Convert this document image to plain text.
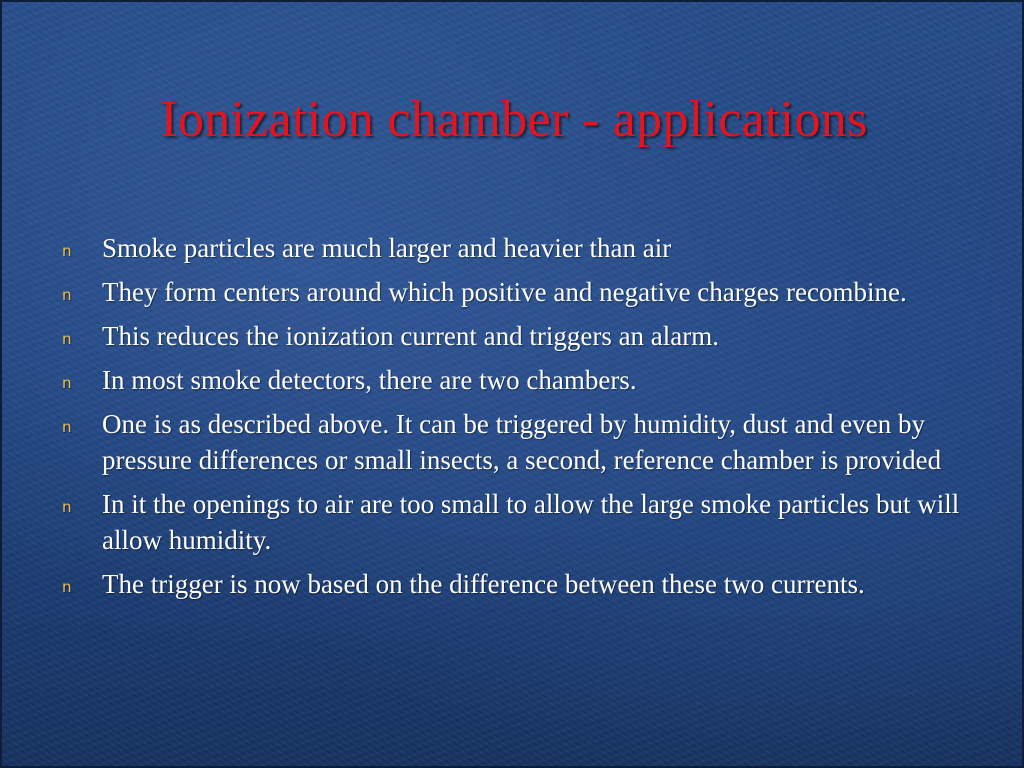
Ionization chamber - applications
n Smoke particles are much larger and heavier than air
n They form centers around which positive and negative charges recombine.
n This reduces the ionization current and triggers an alarm.
n In most smoke detectors, there are two chambers.
n One is as described above. It can be triggered by humidity, dust and even by pressure differences or small insects, a second, reference chamber is provided
n In it the openings to air are too small to allow the large smoke particles but will allow humidity.
n The trigger is now based on the difference between these two currents.
